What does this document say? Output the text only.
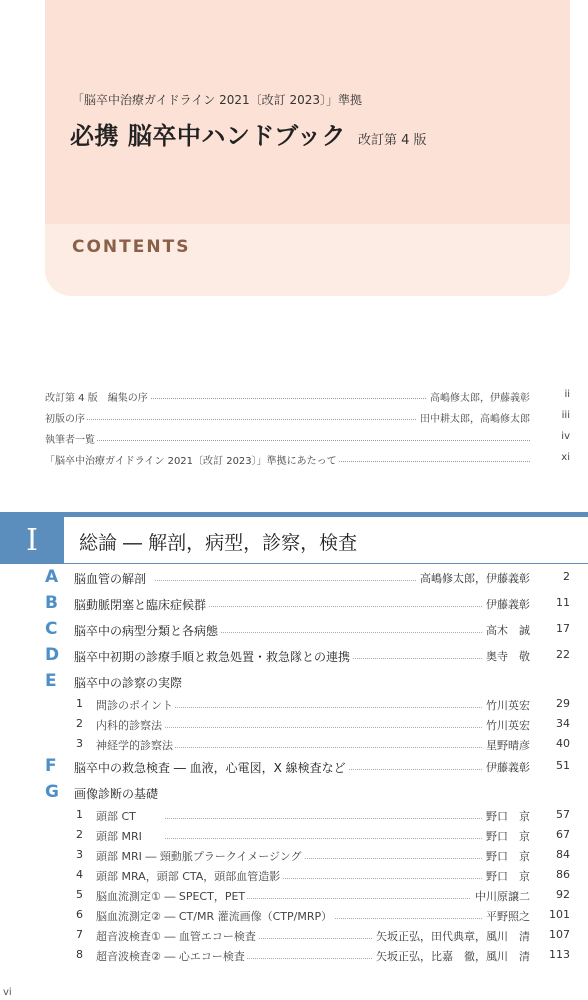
「脳卒中治療ガイドライン 2021〔改訂 2023〕」準拠
必携 脳卒中ハンドブック 改訂第 4 版
CONTENTS
改訂第 4 版　編集の序	高嶋修太郎，伊藤義彰	ii
初版の序	田中耕太郎，高嶋修太郎	iii
執筆者一覧	iv
「脳卒中治療ガイドライン 2021〔改訂 2023〕」準拠にあたって	xi
I	総論 ― 解剖，病型，診察，検査
A	脳血管の解剖	高嶋修太郎，伊藤義彰	2
B	脳動脈閉塞と臨床症候群	伊藤義彰	11
C	脳卒中の病型分類と各病態	高木　誠	17
D	脳卒中初期の診療手順と救急処置・救急隊との連携	奥寺　敬	22
E	脳卒中の診察の実際
1 問診のポイント	竹川英宏	29
2 内科的診察法	竹川英宏	34
3 神経学的診察法	星野晴彦	40
F	脳卒中の救急検査 ― 血液，心電図，X 線検査など	伊藤義彰	51
G	画像診断の基礎
1 頭部 CT	野口　京	57
2 頭部 MRI	野口　京	67
3 頭部 MRI ― 頸動脈プラークイメージング	野口　京	84
4 頭部 MRA，頭部 CTA，頭部血管造影	野口　京	86
5 脳血流測定① ― SPECT，PET	中川原譲二	92
6 脳血流測定② ― CT/MR 灌流画像（CTP/MRP）	平野照之	101
7 超音波検査① ― 血管エコー検査	矢坂正弘，田代典章，風川　清	107
8 超音波検査② ― 心エコー検査	矢坂正弘，比嘉　徹，風川　清	113
vi
